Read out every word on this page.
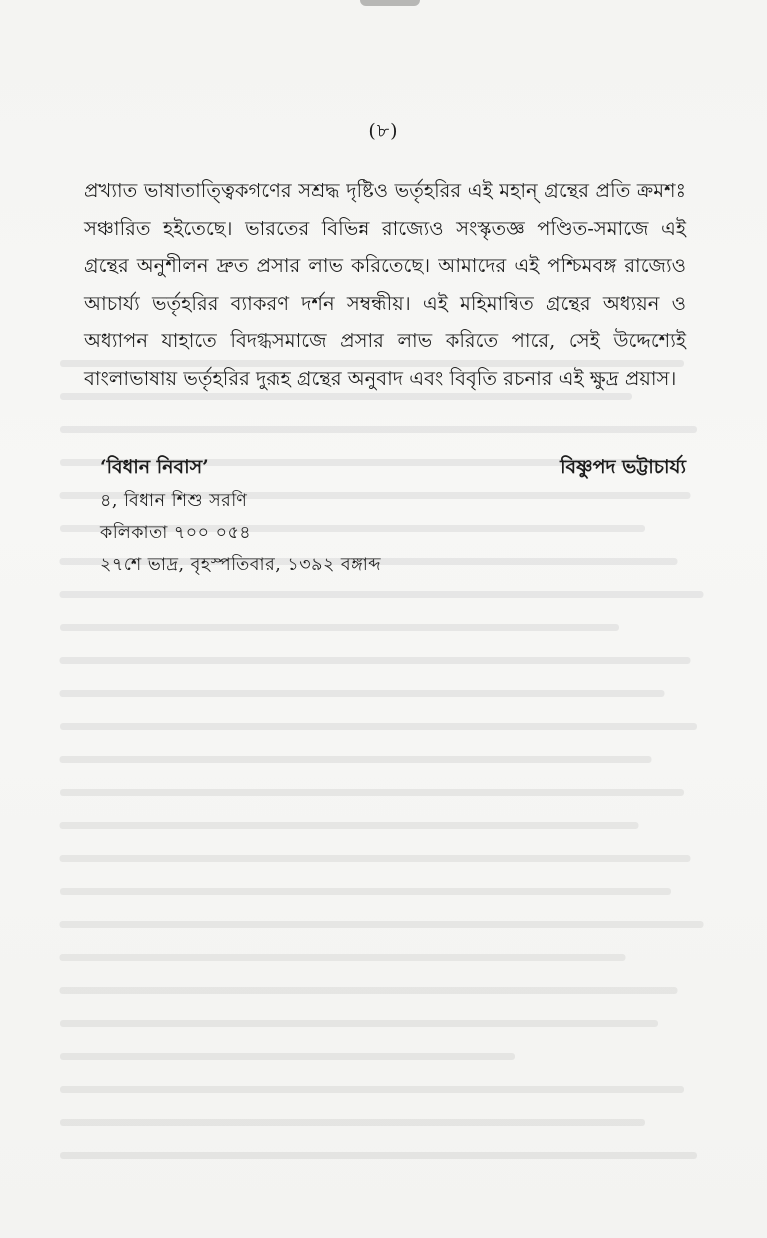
(৮)

প্রখ্যাত ভাষাতাত্ত্বিকগণের সশ্রদ্ধ দৃষ্টিও ভর্তৃহরির এই মহান্ গ্রন্থের প্রতি ক্রমশঃ সঞ্চারিত হইতেছে। ভারতের বিভিন্ন রাজ্যেও সংস্কৃতজ্ঞ পণ্ডিত-সমাজে এই গ্রন্থের অনুশীলন দ্রুত প্রসার লাভ করিতেছে। আমাদের এই পশ্চিমবঙ্গ রাজ্যেও আচার্য্য ভর্তৃহরির ব্যাকরণ দর্শন সম্বন্ধীয়। এই মহিমান্বিত গ্রন্থের অধ্যয়ন ও অধ্যাপন যাহাতে বিদগ্ধসমাজে প্রসার লাভ করিতে পারে, সেই উদ্দেশ্যেই বাংলাভাষায় ভর্তৃহরির দুরূহ গ্রন্থের অনুবাদ এবং বিবৃতি রচনার এই ক্ষুদ্র প্রয়াস।

‘বিধান নিবাস’	বিষ্ণুপদ ভট্টাচার্য্য
৪, বিধান শিশু সরণি
কলিকাতা ৭০০ ০৫৪
২৭শে ভাদ্র, বৃহস্পতিবার, ১৩৯২ বঙ্গাব্দ
